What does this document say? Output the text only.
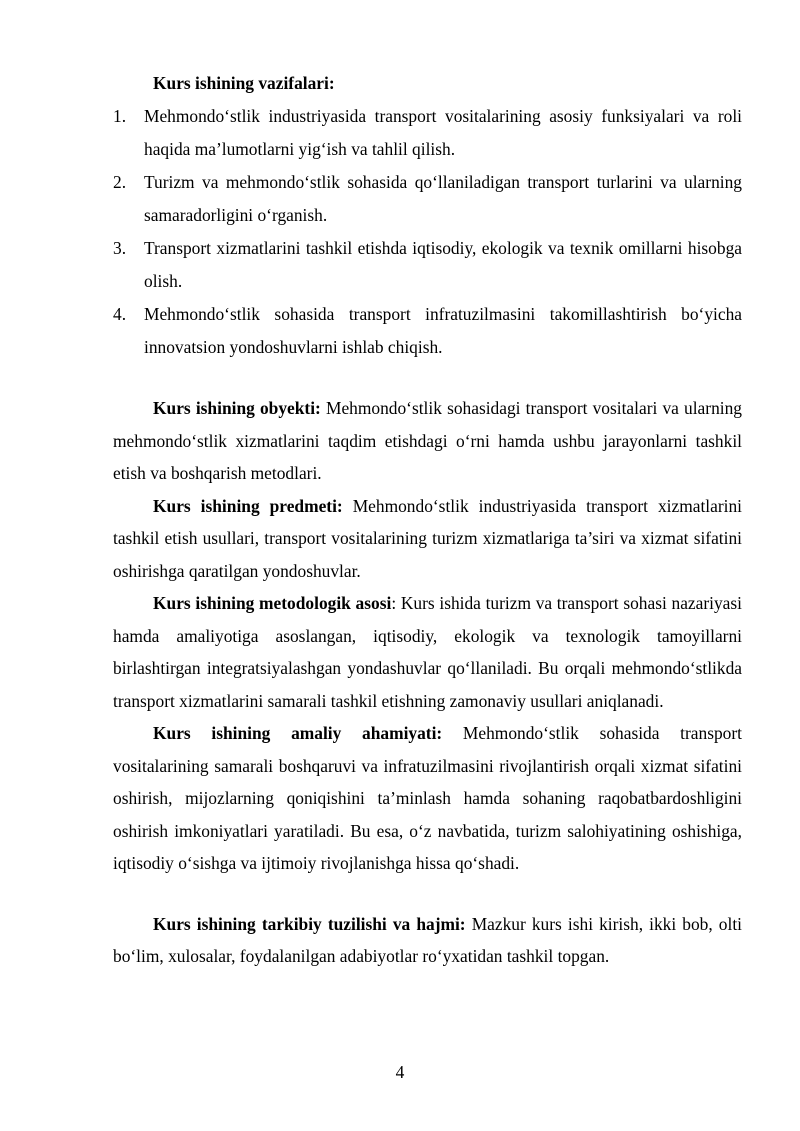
Kurs ishining vazifalari:
1. Mehmondo‘stlik industriyasida transport vositalarining asosiy funksiyalari va roli haqida ma’lumotlarni yig‘ish va tahlil qilish.
2. Turizm va mehmondo‘stlik sohasida qo‘llaniladigan transport turlarini va ularning samaradorligini o‘rganish.
3. Transport xizmatlarini tashkil etishda iqtisodiy, ekologik va texnik omillarni hisobga olish.
4. Mehmondo‘stlik sohasida transport infratuzilmasini takomillashtirish bo‘yicha innovatsion yondoshuvlarni ishlab chiqish.

Kurs ishining obyekti: Mehmondo‘stlik sohasidagi transport vositalari va ularning mehmondo‘stlik xizmatlarini taqdim etishdagi o‘rni hamda ushbu jarayonlarni tashkil etish va boshqarish metodlari.

Kurs ishining predmeti: Mehmondo‘stlik industriyasida transport xizmatlarini tashkil etish usullari, transport vositalarining turizm xizmatlariga ta’siri va xizmat sifatini oshirishga qaratilgan yondoshuvlar.

Kurs ishining metodologik asosi: Kurs ishida turizm va transport sohasi nazariyasi hamda amaliyotiga asoslangan, iqtisodiy, ekologik va texnologik tamoyillarni birlashtirgan integratsiyalashgan yondashuvlar qo‘llaniladi. Bu orqali mehmondo‘stlikda transport xizmatlarini samarali tashkil etishning zamonaviy usullari aniqlanadi.

Kurs ishining amaliy ahamiyati: Mehmondo‘stlik sohasida transport vositalarining samarali boshqaruvi va infratuzilmasini rivojlantirish orqali xizmat sifatini oshirish, mijozlarning qoniqishini ta’minlash hamda sohaning raqobatbardoshligini oshirish imkoniyatlari yaratiladi. Bu esa, o‘z navbatida, turizm salohiyatining oshishiga, iqtisodiy o‘sishga va ijtimoiy rivojlanishga hissa qo‘shadi.

Kurs ishining tarkibiy tuzilishi va hajmi: Mazkur kurs ishi kirish, ikki bob, olti bo‘lim, xulosalar, foydalanilgan adabiyotlar ro‘yxatidan tashkil topgan.

4
